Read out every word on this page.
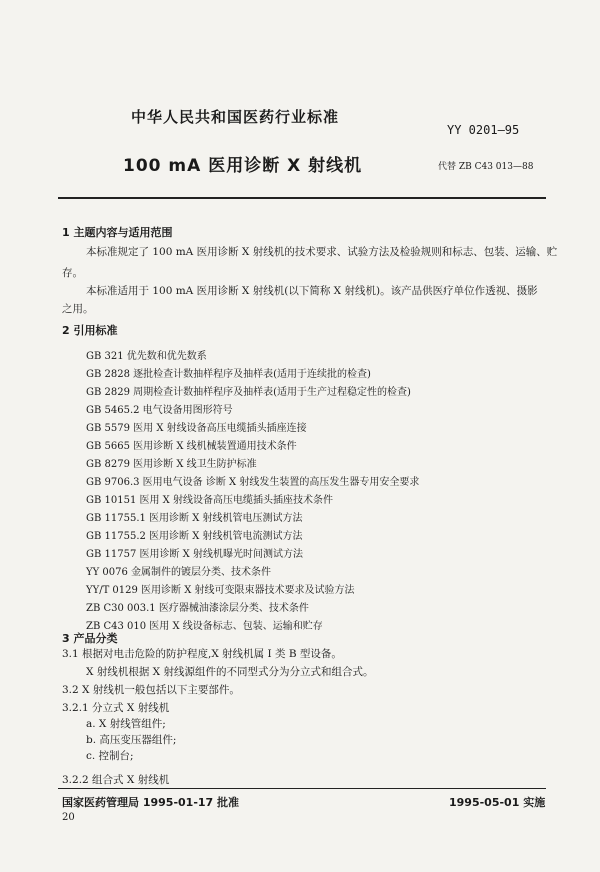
中华人民共和国医药行业标准
YY 0201—95
100 mA 医用诊断 X 射线机	代替 ZB C43 013—88
1 主题内容与适用范围
本标准规定了 100 mA 医用诊断 X 射线机的技术要求、试验方法及检验规则和标志、包装、运输、贮
存。
本标准适用于 100 mA 医用诊断 X 射线机(以下简称 X 射线机)。该产品供医疗单位作透视、摄影
之用。
2 引用标准
GB 321 优先数和优先数系
GB 2828 逐批检查计数抽样程序及抽样表(适用于连续批的检查)
GB 2829 周期检查计数抽样程序及抽样表(适用于生产过程稳定性的检查)
GB 5465.2 电气设备用图形符号
GB 5579 医用 X 射线设备高压电缆插头插座连接
GB 5665 医用诊断 X 线机械装置通用技术条件
GB 8279 医用诊断 X 线卫生防护标准
GB 9706.3 医用电气设备 诊断 X 射线发生装置的高压发生器专用安全要求
GB 10151 医用 X 射线设备高压电缆插头插座技术条件
GB 11755.1 医用诊断 X 射线机管电压测试方法
GB 11755.2 医用诊断 X 射线机管电流测试方法
GB 11757 医用诊断 X 射线机曝光时间测试方法
YY 0076 金属制件的镀层分类、技术条件
YY/T 0129 医用诊断 X 射线可变限束器技术要求及试验方法
ZB C30 003.1 医疗器械油漆涂层分类、技术条件
ZB C43 010 医用 X 线设备标志、包装、运输和贮存
3 产品分类
3.1 根据对电击危险的防护程度,X 射线机属 I 类 B 型设备。
X 射线机根据 X 射线源组件的不同型式分为分立式和组合式。
3.2 X 射线机一般包括以下主要部件。
3.2.1 分立式 X 射线机
a. X 射线管组件;
b. 高压变压器组件;
c. 控制台;
国家医药管理局 1995-01-17 批准	1995-05-01 实施
20
3.2.2 组合式 X 射线机
